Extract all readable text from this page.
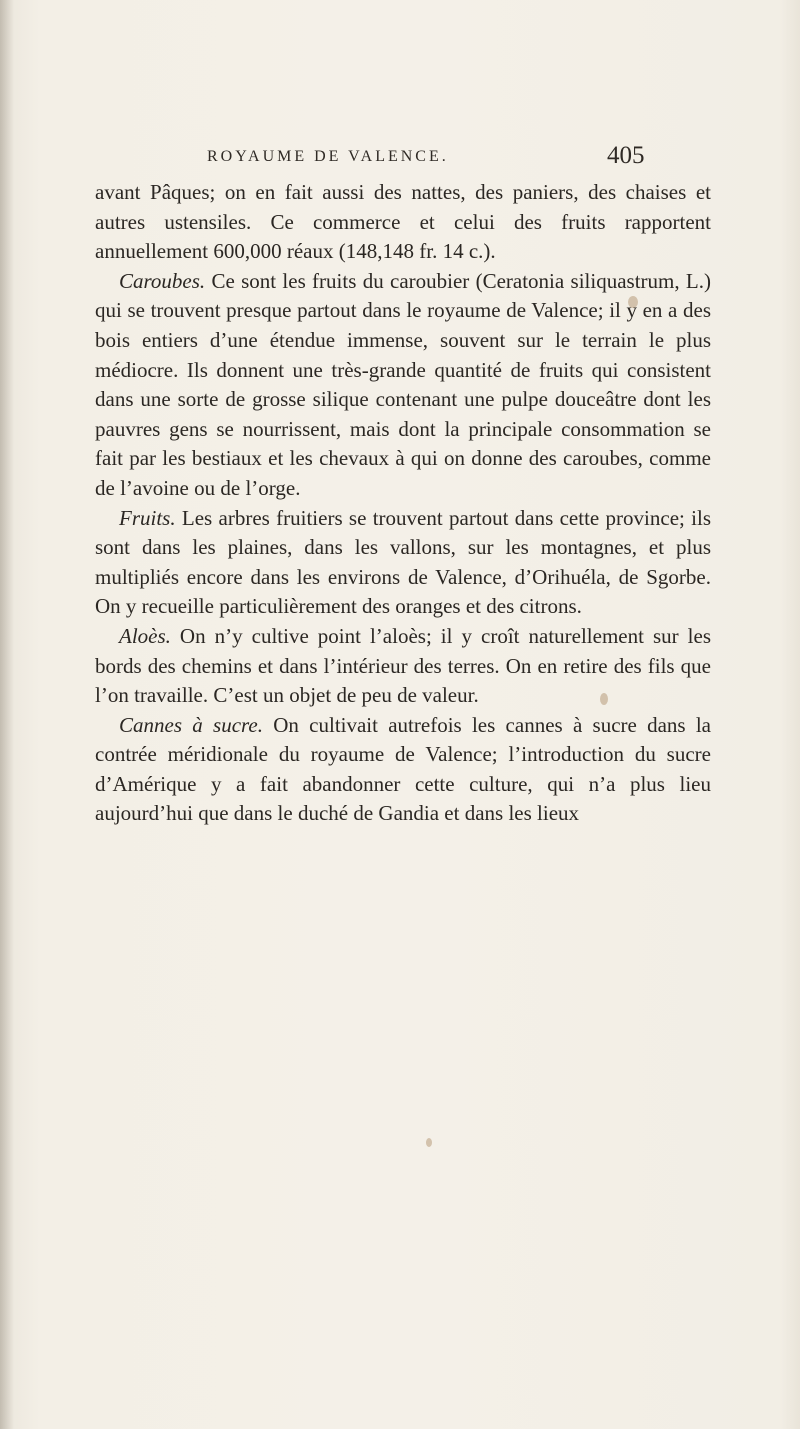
ROYAUME DE VALENCE.	405

avant Pâques; on en fait aussi des nattes, des paniers, des chaises et autres ustensiles. Ce commerce et celui des fruits rapportent annuellement 600,000 réaux (148,148 fr. 14 c.).

Caroubes. Ce sont les fruits du caroubier (Ceratonia siliquastrum, L.) qui se trouvent presque partout dans le royaume de Valence; il y en a des bois entiers d’une étendue immense, souvent sur le terrain le plus médiocre. Ils donnent une très-grande quantité de fruits qui consistent dans une sorte de grosse silique contenant une pulpe douceâtre dont les pauvres gens se nourrissent, mais dont la principale consommation se fait par les bestiaux et les chevaux à qui on donne des caroubes, comme de l’avoine ou de l’orge.

Fruits. Les arbres fruitiers se trouvent partout dans cette province; ils sont dans les plaines, dans les vallons, sur les montagnes, et plus multipliés encore dans les environs de Valence, d’Orihuéla, de Sgorbe. On y recueille particulièrement des oranges et des citrons.

Aloès. On n’y cultive point l’aloès; il y croît naturellement sur les bords des chemins et dans l’intérieur des terres. On en retire des fils que l’on travaille. C’est un objet de peu de valeur.

Cannes à sucre. On cultivait autrefois les cannes à sucre dans la contrée méridionale du royaume de Valence; l’introduction du sucre d’Amérique y a fait abandonner cette culture, qui n’a plus lieu aujourd’hui que dans le duché de Gandia et dans les lieux
